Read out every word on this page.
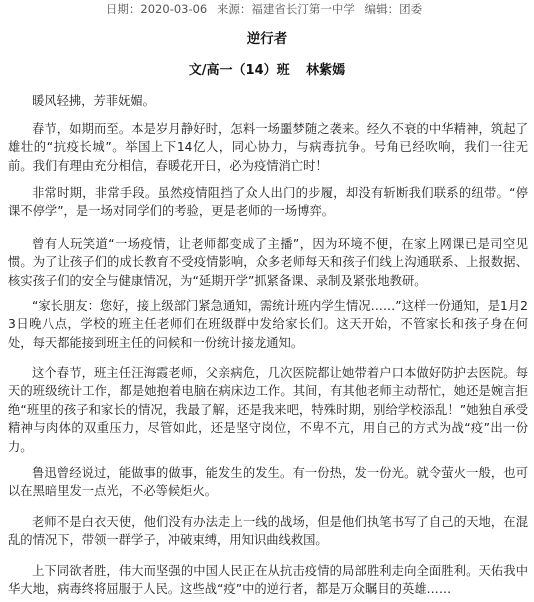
日期：2020-03-06 来源：福建省长汀第一中学 编辑：团委
逆行者
文/高一（14）班 林紫嫣

暖风轻拂，芳菲妩媚。

春节，如期而至。本是岁月静好时，怎料一场噩梦随之袭来。经久不衰的中华精神，筑起了雄壮的“抗疫长城”。举国上下14亿人，同心协力，与病毒抗争。号角已经吹响，我们一往无前。我们有理由充分相信，春暖花开日，必为疫情消亡时！

非常时期，非常手段。虽然疫情阻挡了众人出门的步履，却没有斩断我们联系的纽带。“停课不停学”，是一场对同学们的考验，更是老师的一场博弈。

曾有人玩笑道“一场疫情，让老师都变成了主播”，因为环境不便，在家上网课已是司空见惯。为了让孩子们的成长教育不受疫情影响，众多老师每天和孩子们线上沟通联系、上报数据、核实孩子们的安全与健康情况，为“延期开学”抓紧备课、录制及紧张地教研。

“家长朋友：您好，接上级部门紧急通知，需统计班内学生情况……”这样一份通知，是1月23日晚八点，学校的班主任老师们在班级群中发给家长们。这天开始，不管家长和孩子身在何处，每天都能接到班主任的问候和一份统计接龙通知。

这个春节，班主任汪海霞老师，父亲病危，几次医院都让她带着户口本做好防护去医院。每天的班级统计工作，都是她抱着电脑在病床边工作。其间，有其他老师主动帮忙，她还是婉言拒绝“班里的孩子和家长的情况，我最了解，还是我来吧，特殊时期，别给学校添乱！”她独自承受精神与肉体的双重压力，尽管如此，还是坚守岗位，不卑不亢，用自己的方式为战“疫”出一份力。

鲁迅曾经说过，能做事的做事，能发生的发生。有一份热，发一份光。就令萤火一般，也可以在黑暗里发一点光，不必等候炬火。

老师不是白衣天使，他们没有办法走上一线的战场，但是他们执笔书写了自己的天地，在混乱的情况下，带领一群学子，冲破束缚，用知识曲线救国。

上下同欲者胜，伟大而坚强的中国人民正在从抗击疫情的局部胜利走向全面胜利。天佑我中华大地，病毒终将屈服于人民。这些战“疫”中的逆行者，都是万众瞩目的英雄……
